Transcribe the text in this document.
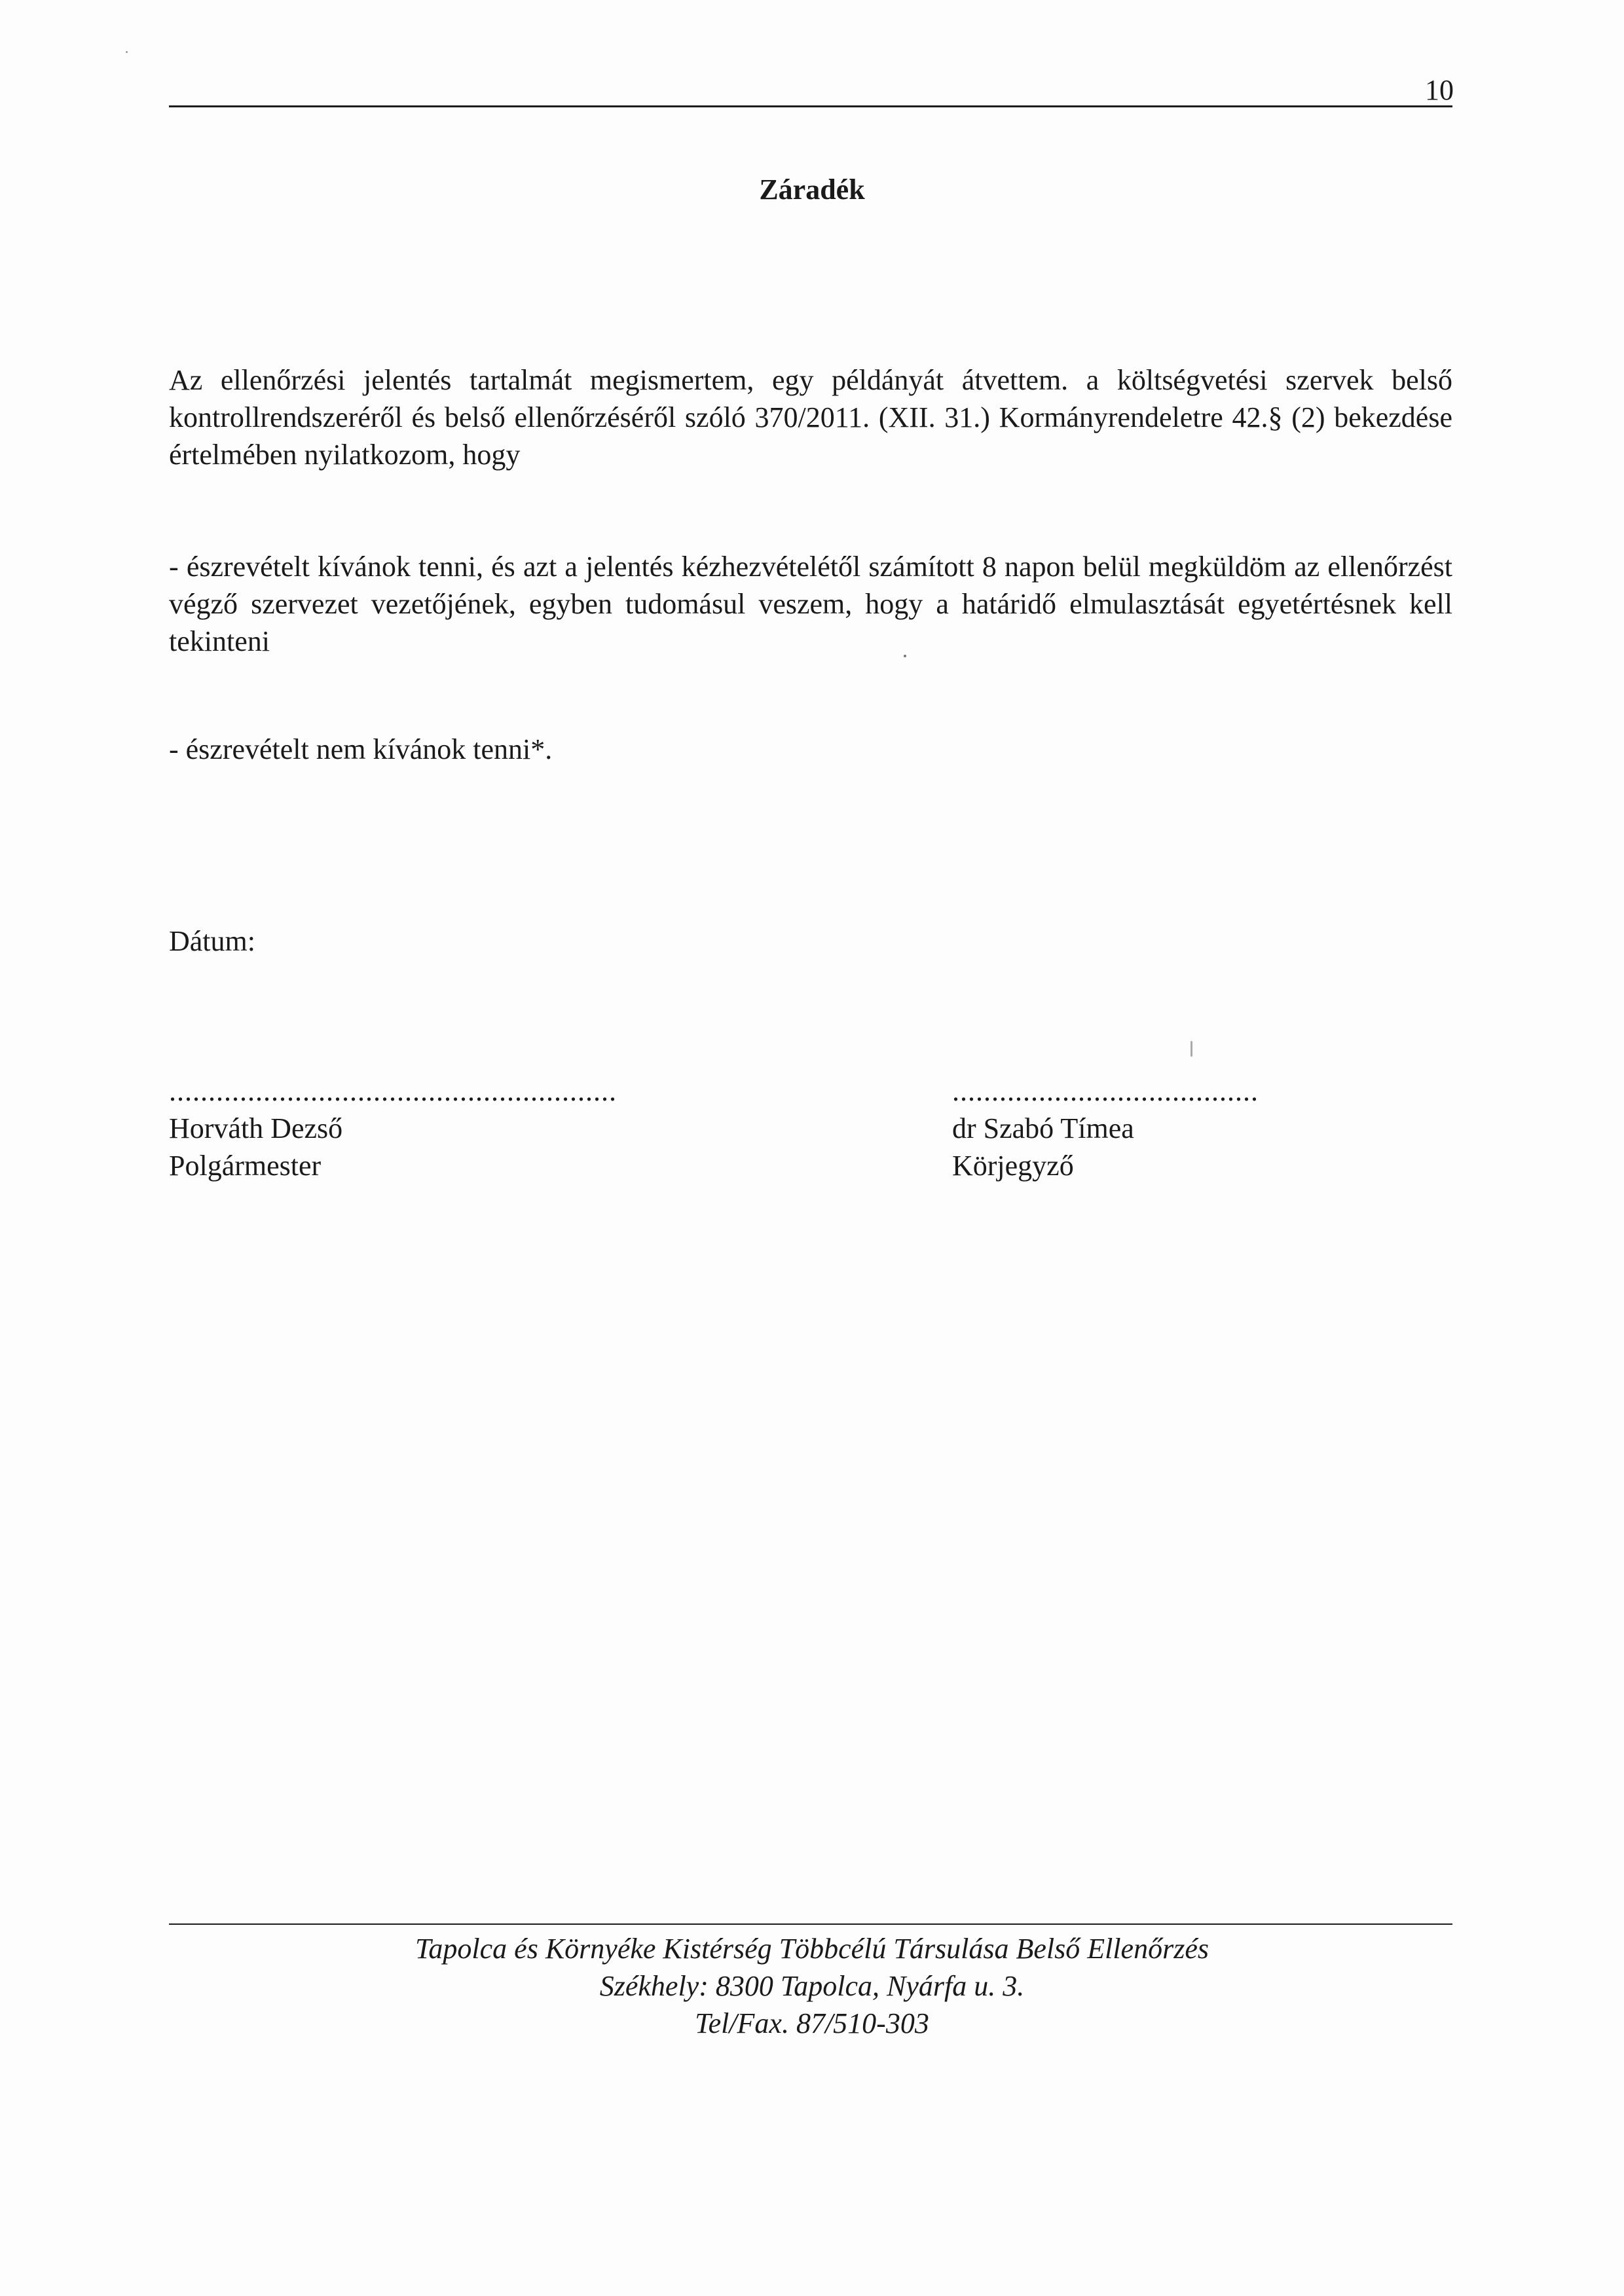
10
Záradék

Az ellenőrzési jelentés tartalmát megismertem, egy példányát átvettem. a költségvetési szervek belső kontrollrendszeréről és belső ellenőrzéséről szóló 370/2011. (XII. 31.) Kormányrendeletre 42.§ (2) bekezdése értelmében nyilatkozom, hogy

- észrevételt kívánok tenni, és azt a jelentés kézhezvételétől számított 8 napon belül megküldöm az ellenőrzést végző szervezet vezetőjének, egyben tudomásul veszem, hogy a határidő elmulasztását egyetértésnek kell tekinteni

- észrevételt nem kívánok tenni*.

Dátum:

.........................................................
Horváth Dezső
Polgármester
.......................................
dr Szabó Tímea
Körjegyző
Tapolca és Környéke Kistérség Többcélú Társulása Belső Ellenőrzés
Székhely: 8300 Tapolca, Nyárfa u. 3.
Tel/Fax. 87/510-303
